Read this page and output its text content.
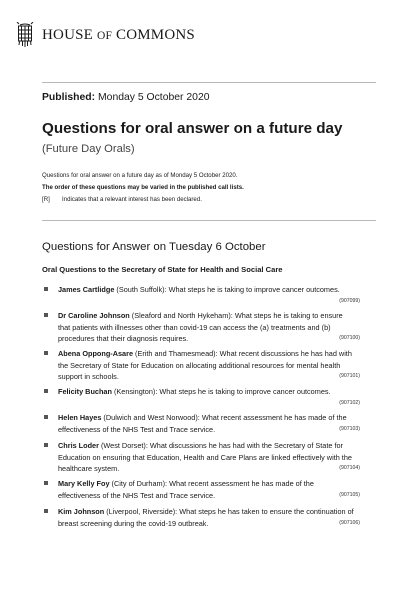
HOUSE OF COMMONS
Published: Monday 5 October 2020
Questions for oral answer on a future day
(Future Day Orals)
Questions for oral answer on a future day as of Monday 5 October 2020.
The order of these questions may be varied in the published call lists.
[R] Indicates that a relevant interest has been declared.
Questions for Answer on Tuesday 6 October
Oral Questions to the Secretary of State for Health and Social Care
James Cartlidge (South Suffolk): What steps he is taking to improve cancer outcomes.
(907099)
Dr Caroline Johnson (Sleaford and North Hykeham): What steps he is taking to ensure that patients with illnesses other than covid-19 can access the (a) treatments and (b) procedures that their diagnosis requires.	(907100)
Abena Oppong-Asare (Erith and Thamesmead): What recent discussions he has had with the Secretary of State for Education on allocating additional resources for mental health support in schools.	(907101)
Felicity Buchan (Kensington): What steps he is taking to improve cancer outcomes.
(907102)
Helen Hayes (Dulwich and West Norwood): What recent assessment he has made of the effectiveness of the NHS Test and Trace service.	(907103)
Chris Loder (West Dorset): What discussions he has had with the Secretary of State for Education on ensuring that Education, Health and Care Plans are linked effectively with the healthcare system.	(907104)
Mary Kelly Foy (City of Durham): What recent assessment he has made of the effectiveness of the NHS Test and Trace service.	(907105)
Kim Johnson (Liverpool, Riverside): What steps he has taken to ensure the continuation of breast screening during the covid-19 outbreak.	(907106)
